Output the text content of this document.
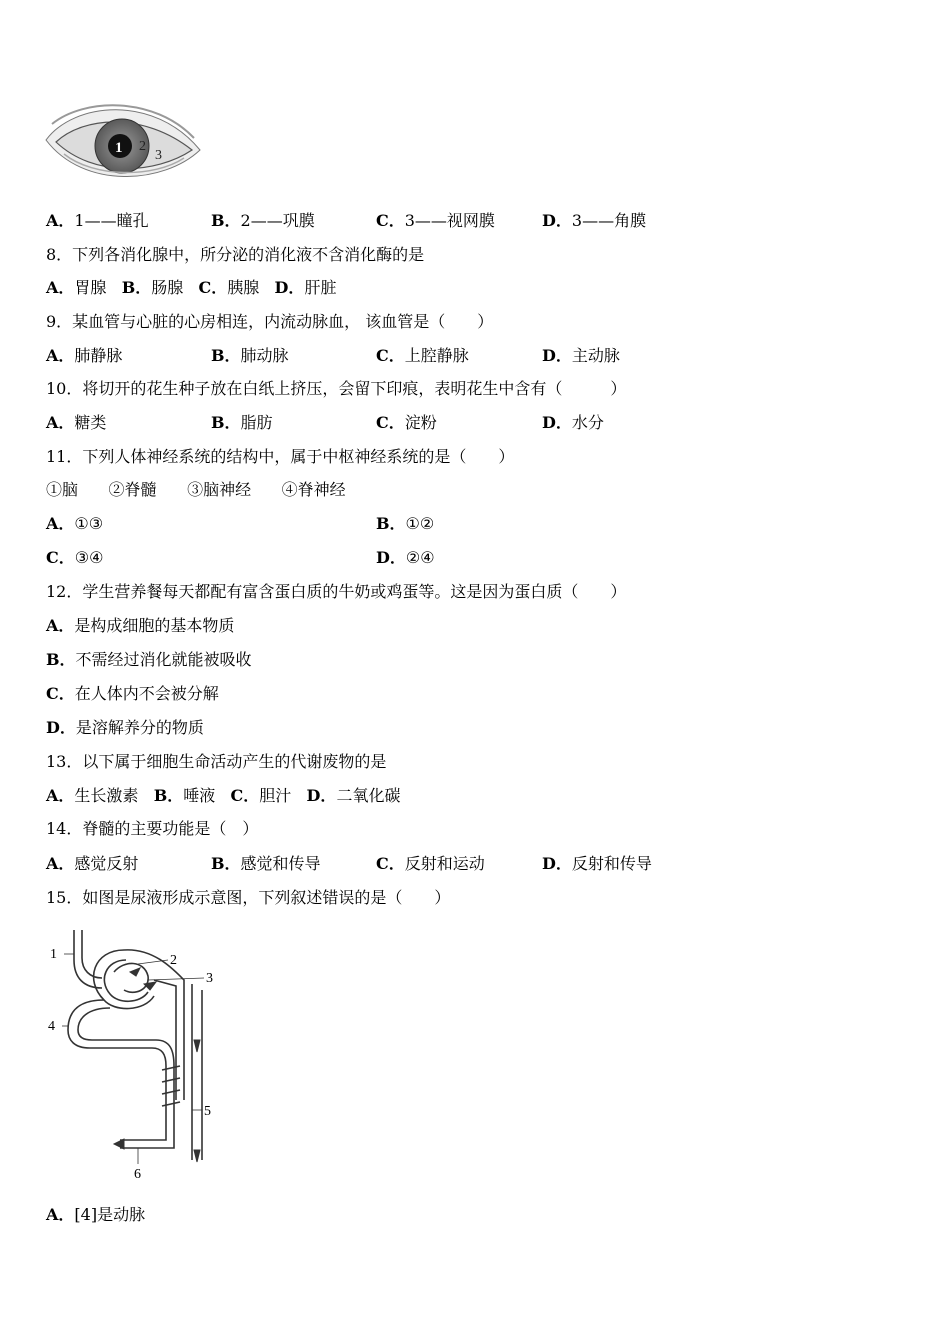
1 2
3
A．1——瞳孔	B．2——巩膜	C．3——视网膜	D．3——角膜
8．下列各消化腺中，所分泌的消化液不含消化酶的是
A．胃腺 B．肠腺 C．胰腺 D．肝脏
9．某血管与心脏的心房相连，内流动脉血， 该血管是（　　）
A．肺静脉	B．肺动脉	C．上腔静脉	D．主动脉
10．将切开的花生种子放在白纸上挤压，会留下印痕，表明花生中含有（　　　）
A．糖类	B．脂肪	C．淀粉	D．水分
11．下列人体神经系统的结构中，属于中枢神经系统的是（　　）
①脑 ②脊髓 ③脑神经 ④脊神经
A．①③	B．①②
C．③④	D．②④
12．学生营养餐每天都配有富含蛋白质的牛奶或鸡蛋等。这是因为蛋白质（　　）
A．是构成细胞的基本物质
B．不需经过消化就能被吸收
C．在人体内不会被分解
D．是溶解养分的物质
13．以下属于细胞生命活动产生的代谢废物的是
A．生长激素 B．唾液 C．胆汁 D．二氧化碳
14．脊髓的主要功能是（　）
A．感觉反射	B．感觉和传导	C．反射和运动	D．反射和传导
15．如图是尿液形成示意图，下列叙述错误的是（　　）
1	2
3
4
5
6
A．[4]是动脉
